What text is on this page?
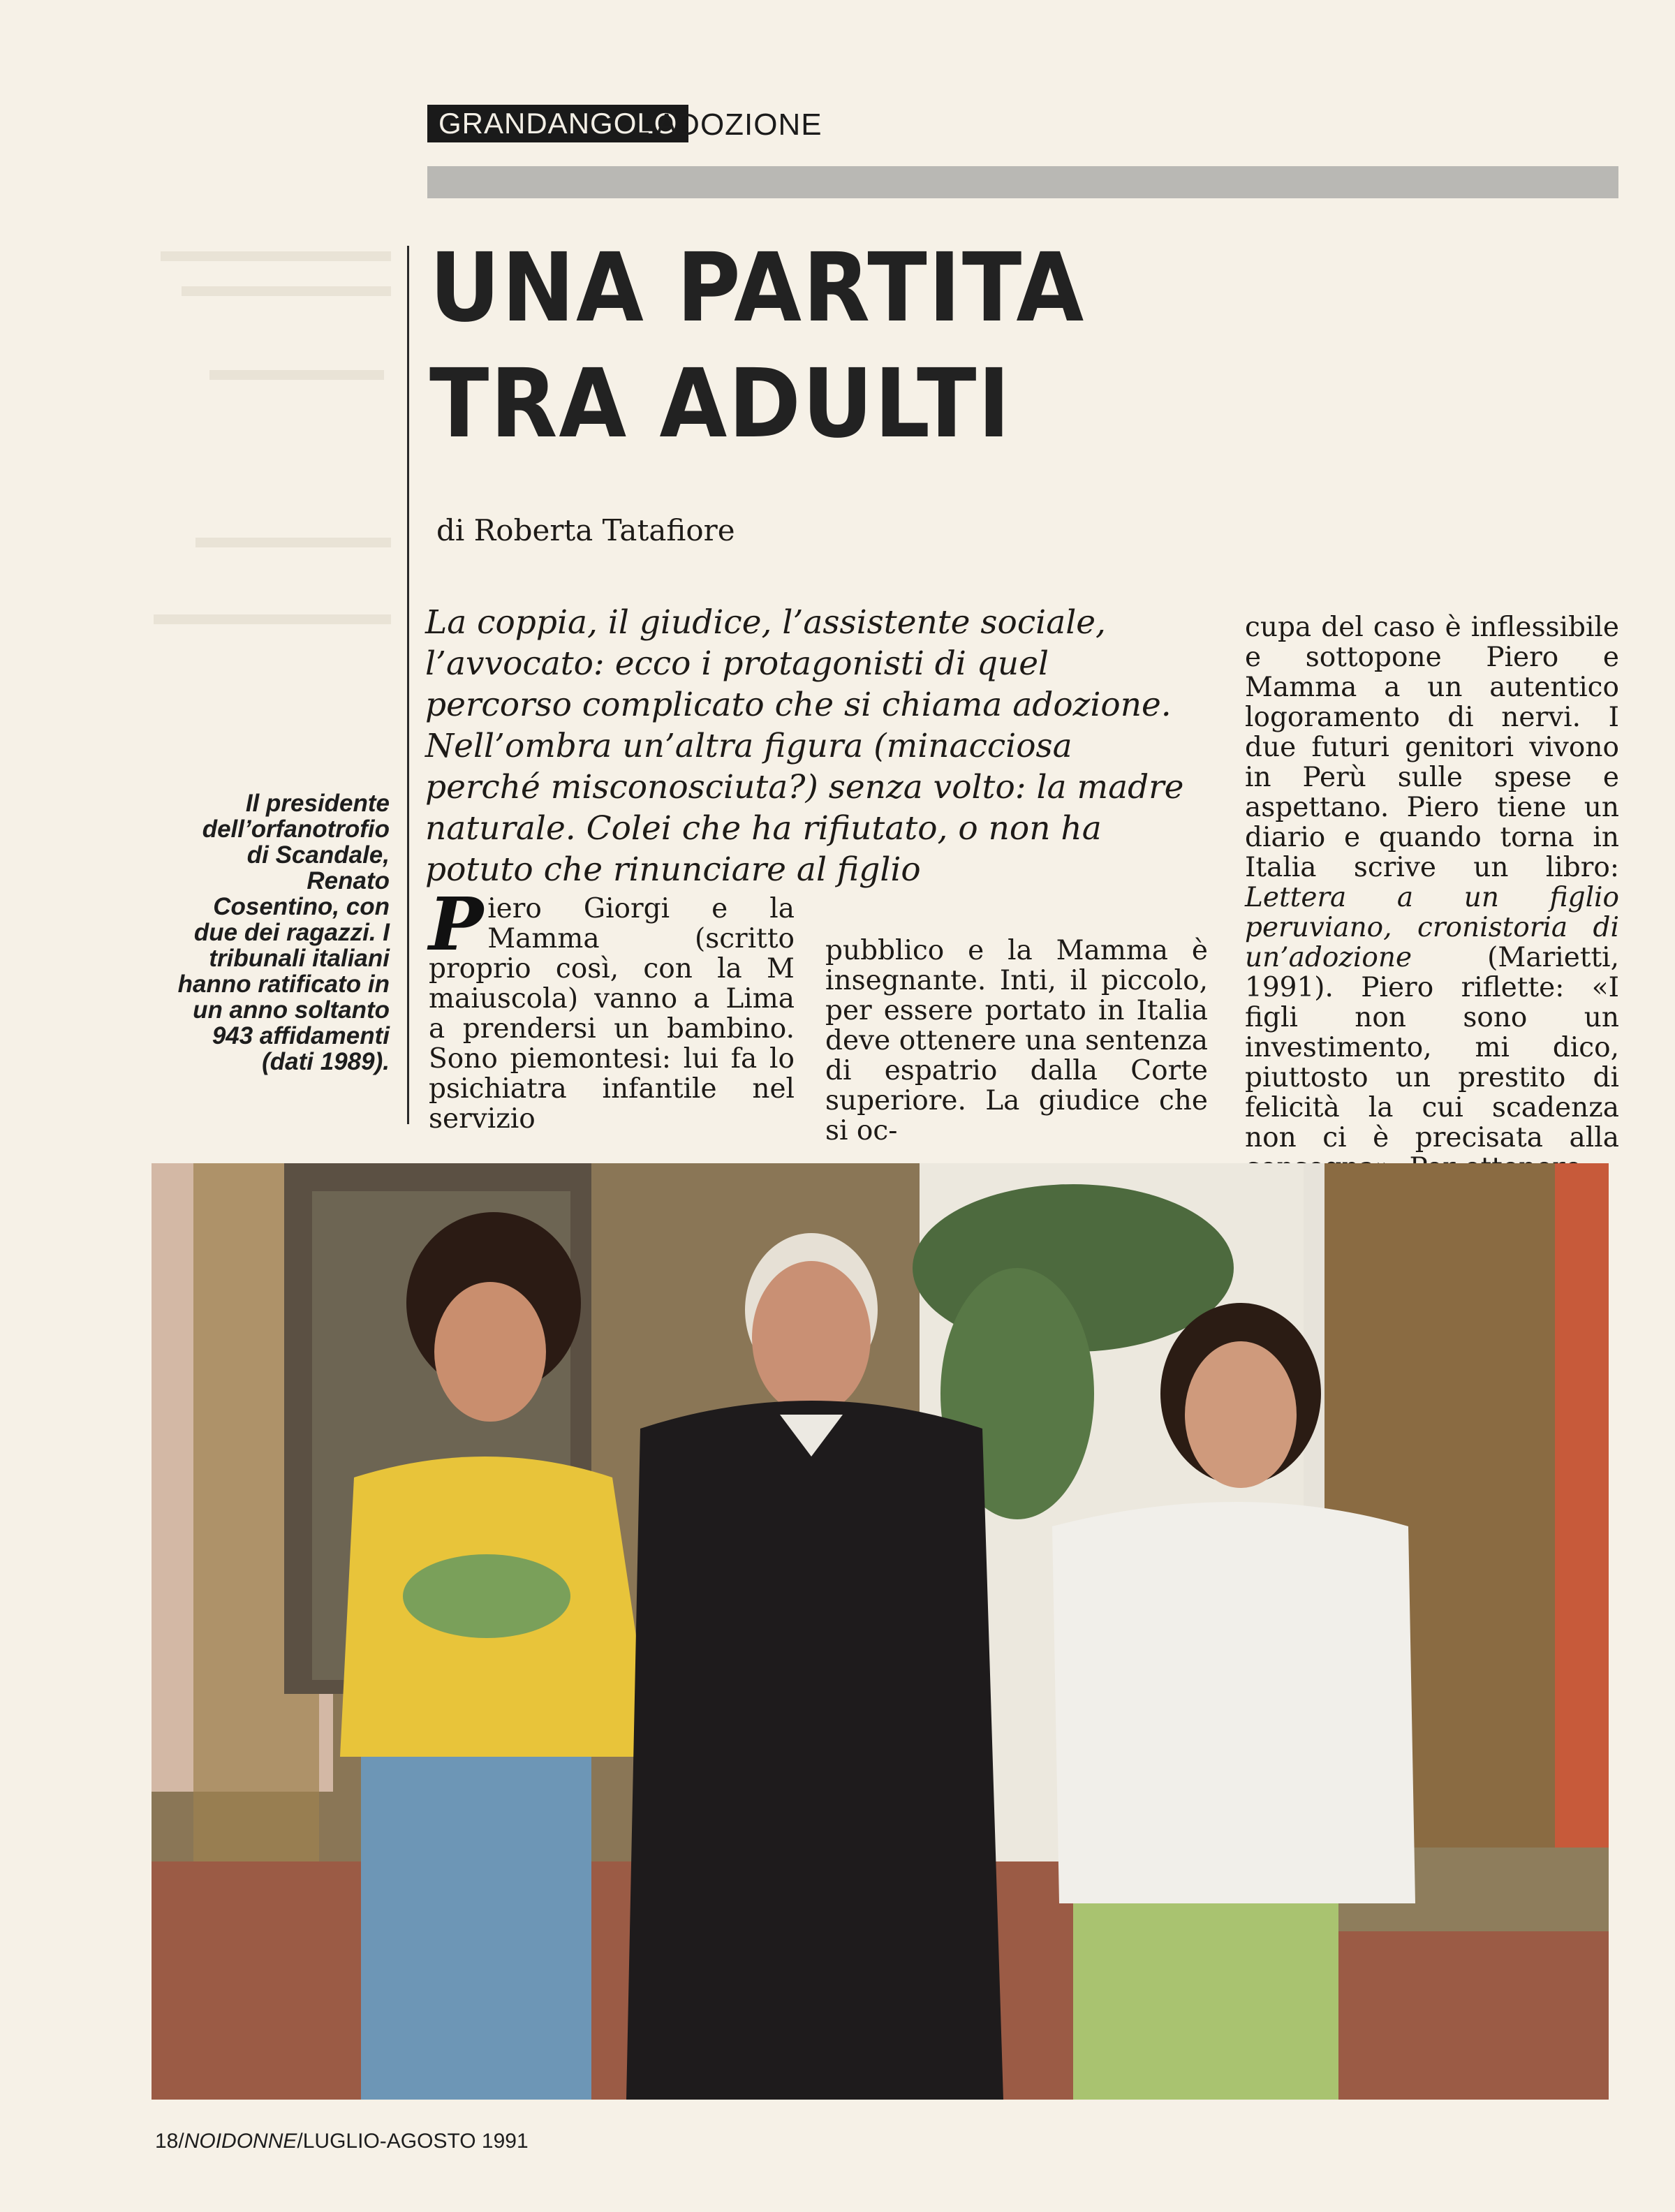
GRANDANGOLO
L’ADOZIONE
UNA PARTITA
TRA ADULTI
di Roberta Tatafiore
La coppia, il giudice, l’assistente sociale, l’avvocato: ecco i protagonisti di quel percorso complicato che si chiama adozione. Nell’ombra un’altra figura (minacciosa perché misconosciuta?) senza volto: la madre naturale. Colei che ha rifiutato, o non ha potuto che rinunciare al figlio
Il presidente dell’orfanotrofio di Scandale, Renato Cosentino, con due dei ragazzi. I tribunali italiani hanno ratificato in un anno soltanto 943 affidamenti (dati 1989).
Piero Giorgi e la Mamma (scritto proprio così, con la M maiuscola) vanno a Lima a prendersi un bambino. Sono piemontesi: lui fa lo psichiatra infantile nel servizio
pubblico e la Mamma è insegnante. Inti, il piccolo, per essere portato in Italia deve ottenere una sentenza di espatrio dalla Corte superiore. La giudice che si oc-
cupa del caso è inflessibile e sottopone Piero e Mamma a un autentico logoramento di nervi. I due futuri genitori vivono in Perù sulle spese e aspettano. Piero tiene un diario e quando torna in Italia scrive un libro: Lettera a un figlio peruviano, cronistoria di un’adozione	(Marietti, 1991). Piero riflette: «I figli non sono un investimento, mi dico, piuttosto un prestito di felicità la cui scadenza non ci è precisata alla
18/NOIDONNE/LUGLIO-AGOSTO 1991
